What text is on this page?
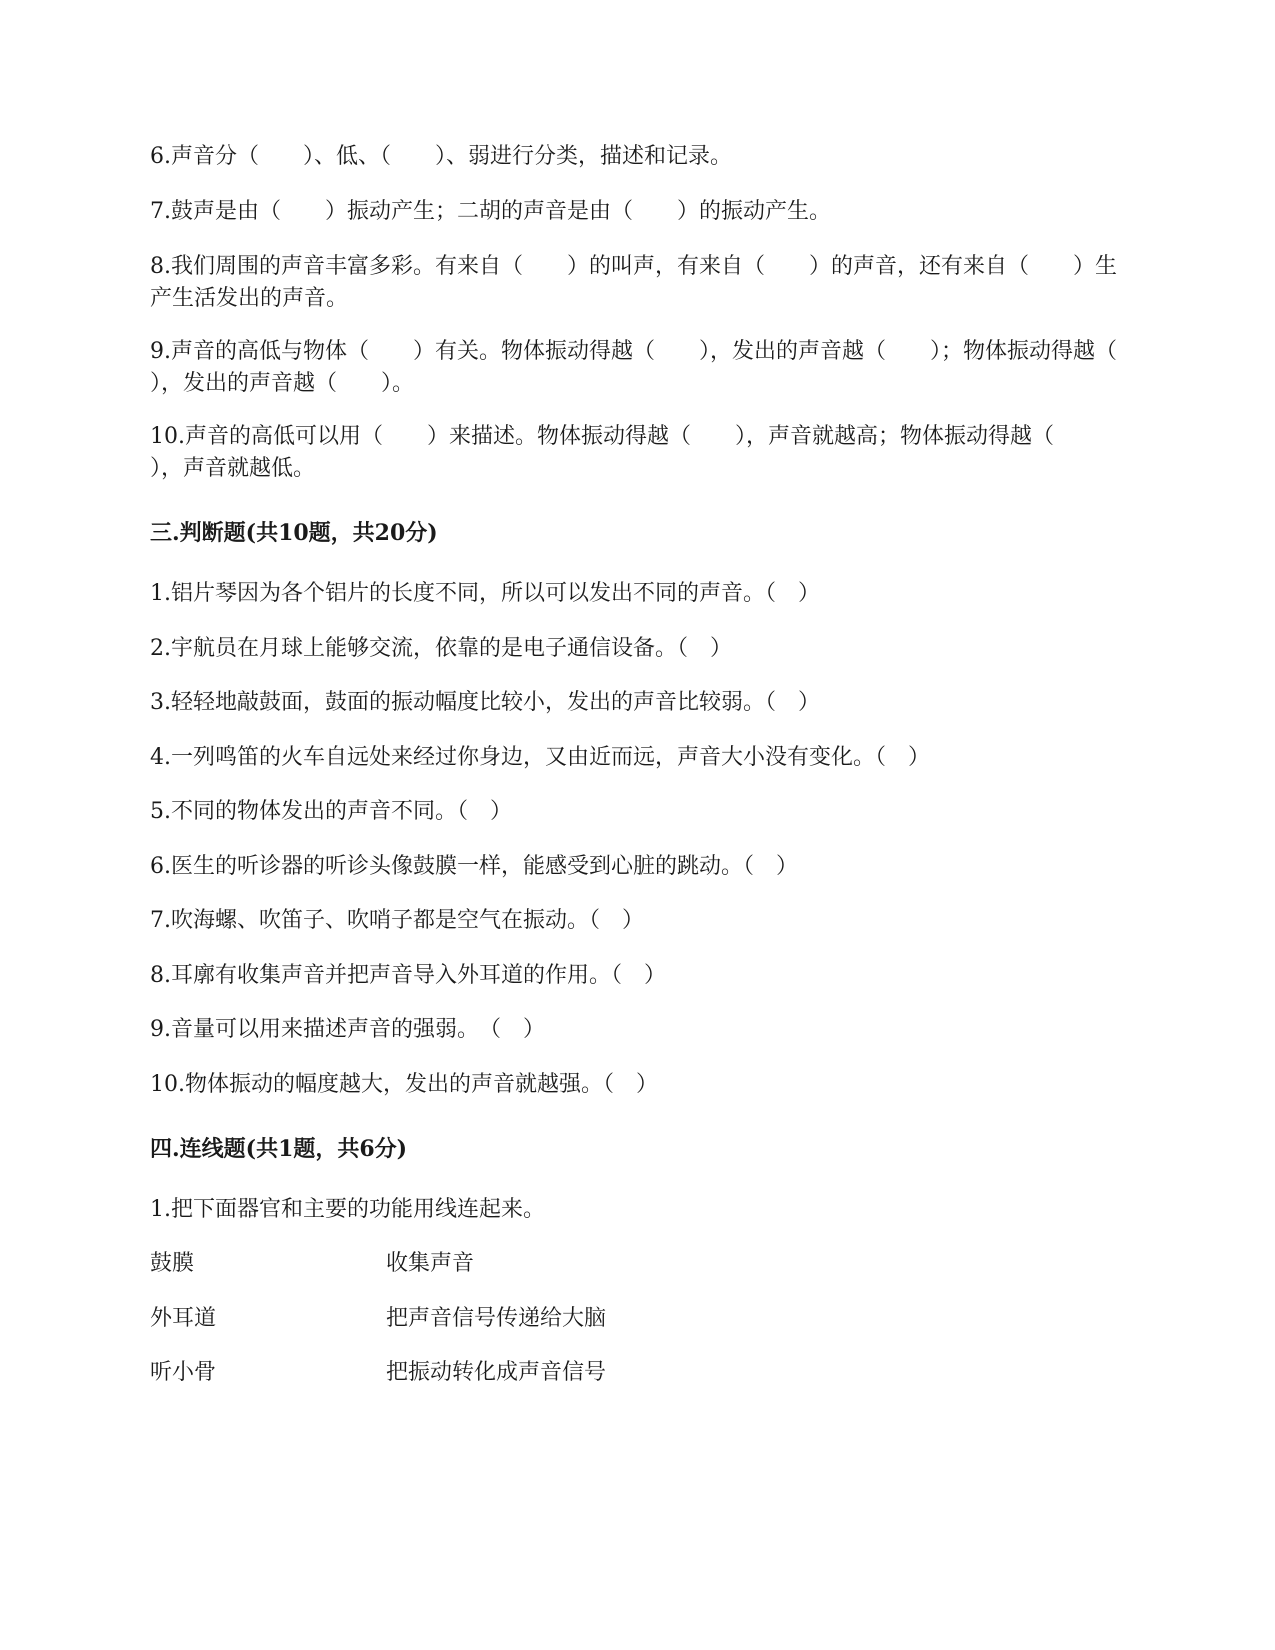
6.声音分（　　）、低、（　　）、弱进行分类，描述和记录。

7.鼓声是由（　　）振动产生；二胡的声音是由（　　）的振动产生。

8.我们周围的声音丰富多彩。有来自（　　）的叫声，有来自（　　）的声音，还有来自（　　）生产生活发出的声音。

9.声音的高低与物体（　　）有关。物体振动得越（　　），发出的声音越（　　）；物体振动得越（　　），发出的声音越（　　）。

10.声音的高低可以用（　　）来描述。物体振动得越（　　），声音就越高；物体振动得越（　　），声音就越低。

三.判断题(共10题，共20分)

1.铝片琴因为各个铝片的长度不同，所以可以发出不同的声音。（　）

2.宇航员在月球上能够交流，依靠的是电子通信设备。（　）

3.轻轻地敲鼓面，鼓面的振动幅度比较小，发出的声音比较弱。（　）

4.一列鸣笛的火车自远处来经过你身边，又由近而远，声音大小没有变化。（　）

5.不同的物体发出的声音不同。（　）

6.医生的听诊器的听诊头像鼓膜一样，能感受到心脏的跳动。（　）

7.吹海螺、吹笛子、吹哨子都是空气在振动。（　）

8.耳廓有收集声音并把声音导入外耳道的作用。（　）

9.音量可以用来描述声音的强弱。　（　）

10.物体振动的幅度越大，发出的声音就越强。（　）

四.连线题(共1题，共6分)

1.把下面器官和主要的功能用线连起来。

鼓膜	收集声音

外耳道	把声音信号传递给大脑

听小骨	把振动转化成声音信号
